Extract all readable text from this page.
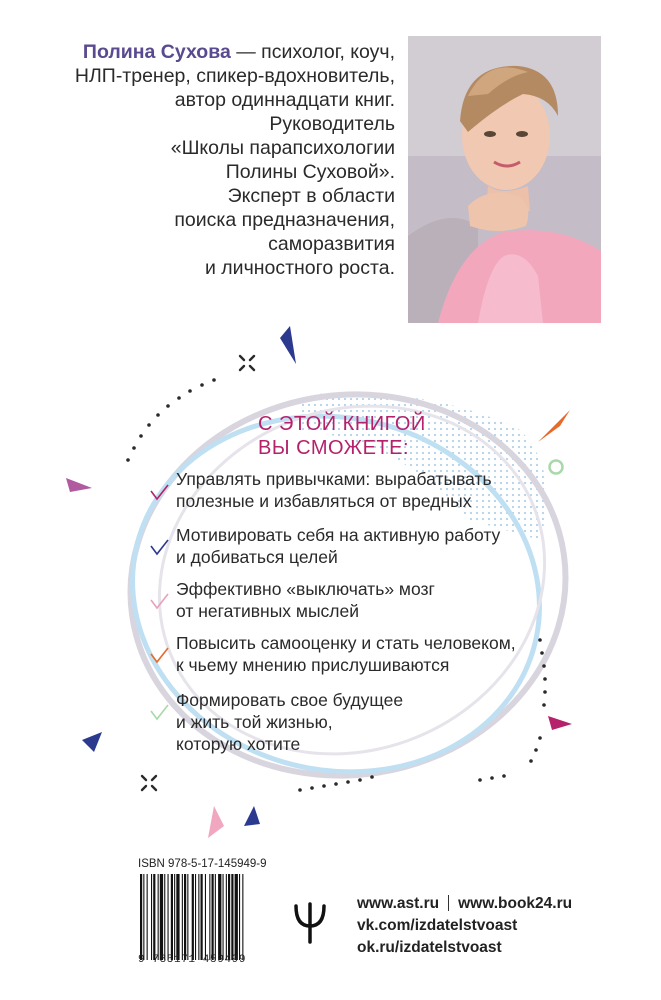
Полина Сухова — психолог, коуч,
НЛП-тренер, спикер-вдохновитель,
автор одиннадцати книг.
Руководитель
«Школы парапсихологии
Полины Суховой».
Эксперт в области
поиска предназначения,
саморазвития
и личностного роста.
С ЭТОЙ КНИГОЙ
ВЫ СМОЖЕТЕ:
Управлять привычками: вырабатывать
полезные и избавляться от вредных
Мотивировать себя на активную работу
и добиваться целей
Эффективно «выключать» мозг
от негативных мыслей
Повысить самооценку и стать человеком,
к чьему мнению прислушиваются
Формировать свое будущее
и жить той жизнью,
которую хотите
ISBN 978-5-17-145949-9
9 785171 459499
www.ast.ru www.book24.ru
vk.com/izdatelstvoast
ok.ru/izdatelstvoast
